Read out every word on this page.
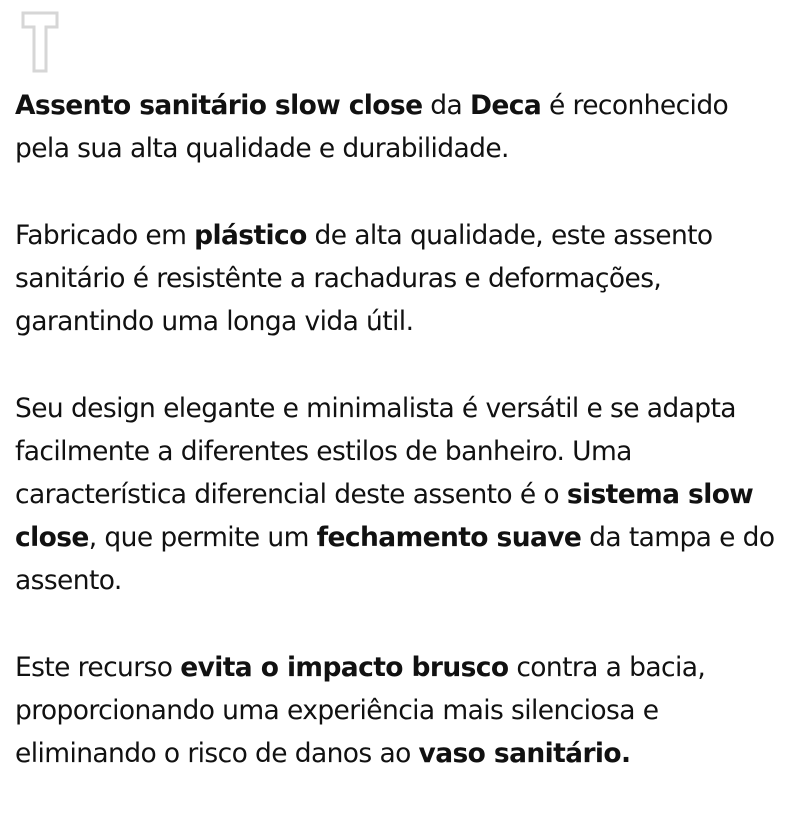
Assento sanitário slow close da Deca é reconhecido pela sua alta qualidade e durabilidade.

Fabricado em plástico de alta qualidade, este assento sanitário é resistênte a rachaduras e deformações, garantindo uma longa vida útil.

Seu design elegante e minimalista é versátil e se adapta facilmente a diferentes estilos de banheiro. Uma característica diferencial deste assento é o sistema slow close, que permite um fechamento suave da tampa e do assento.

Este recurso evita o impacto brusco contra a bacia, proporcionando uma experiência mais silenciosa e eliminando o risco de danos ao vaso sanitário.
